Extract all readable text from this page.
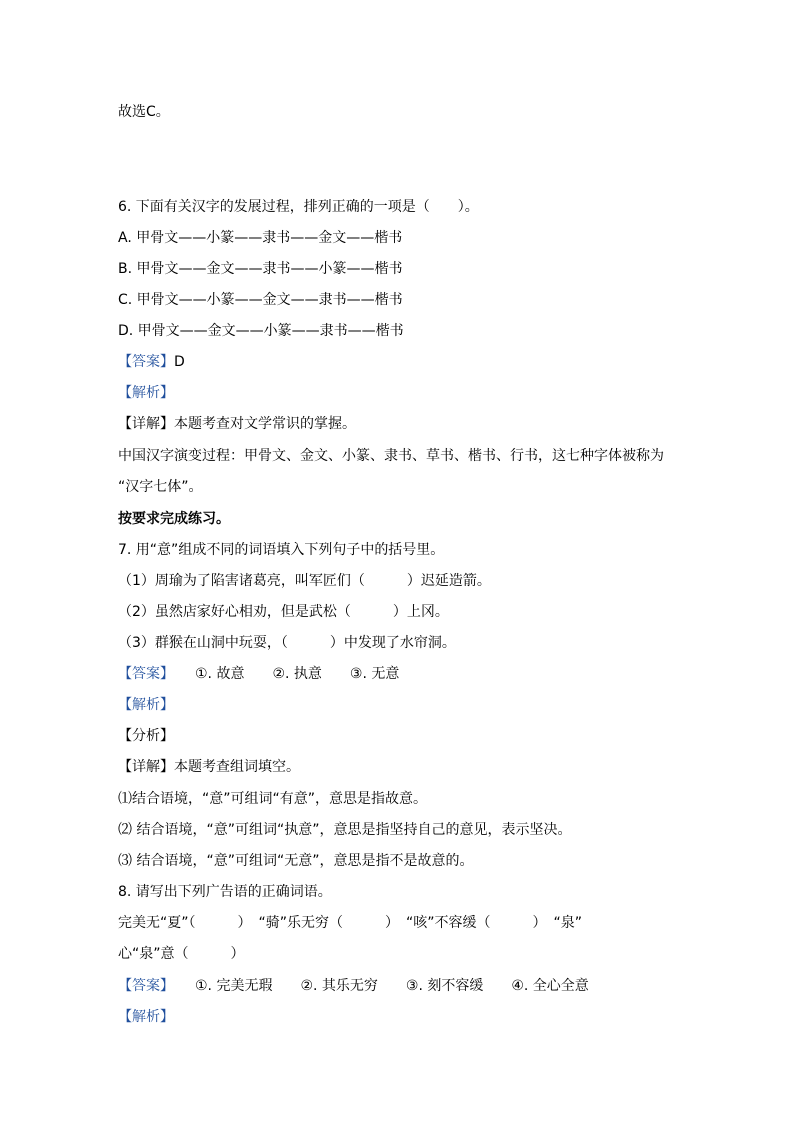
故选C。
6. 下面有关汉字的发展过程，排列正确的一项是（　　）。
A. 甲骨文——小篆——隶书——金文——楷书
B. 甲骨文——金文——隶书——小篆——楷书
C. 甲骨文——小篆——金文——隶书——楷书
D. 甲骨文——金文——小篆——隶书——楷书
【答案】D
【解析】
【详解】本题考查对文学常识的掌握。
中国汉字演变过程：甲骨文、金文、小篆、隶书、草书、楷书、行书，这七种字体被称为
“汉字七体”。
按要求完成练习。
7. 用“意”组成不同的词语填入下列句子中的括号里。
（1）周瑜为了陷害诸葛亮，叫军匠们（　　　）迟延造箭。
（2）虽然店家好心相劝，但是武松（　　　）上冈。
（3）群猴在山洞中玩耍，（　　　）中发现了水帘洞。
【答案】　　①. 故意　　②. 执意　　③. 无意
【解析】
【分析】
【详解】本题考查组词填空。
⑴结合语境，“意”可组词“有意”，意思是指故意。
⑵ 结合语境，“意”可组词“执意”，意思是指坚持自己的意见，表示坚决。
⑶ 结合语境，“意”可组词“无意”，意思是指不是故意的。
8. 请写出下列广告语的正确词语。
完美无“夏”（　　　）　“骑”乐无穷（　　　）　“咳”不容缓（　　　）　“泉”
心“泉”意（　　　）
【答案】　　①. 完美无瑕　　②. 其乐无穷　　③. 刻不容缓　　④. 全心全意
【解析】
